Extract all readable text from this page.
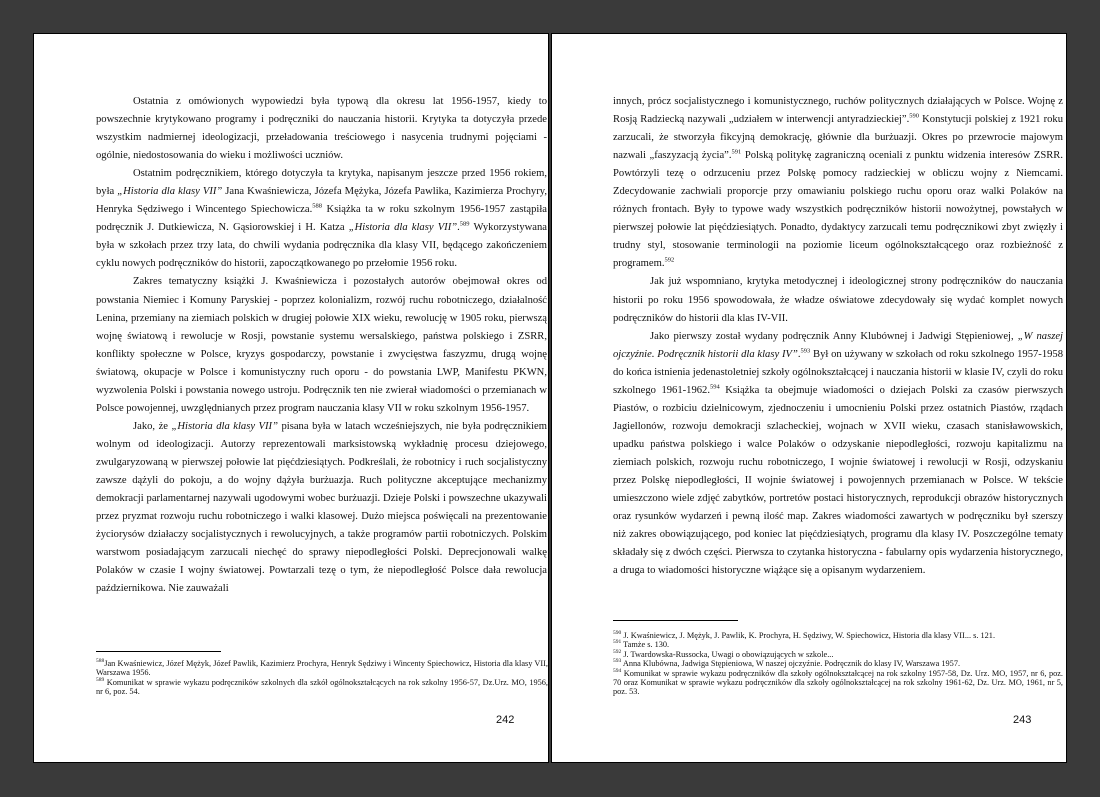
Ostatnia z omówionych wypowiedzi była typową dla okresu lat 1956-1957, kiedy to powszechnie krytykowano programy i podręczniki do nauczania historii. Krytyka ta dotyczyła przede wszystkim nadmiernej ideologizacji, przeładowania treściowego i nasycenia trudnymi pojęciami - ogólnie, niedostosowania do wieku i możliwości uczniów.

Ostatnim podręcznikiem, którego dotyczyła ta krytyka, napisanym jeszcze przed 1956 rokiem, była „Historia dla klasy VII” Jana Kwaśniewicza, Józefa Mężyka, Józefa Pawlika, Kazimierza Prochyry, Henryka Sędziwego i Wincentego Spiechowicza.$^{588}$ Książka ta w roku szkolnym 1956-1957 zastąpiła podręcznik J. Dutkiewicza, N. Gąsiorowskiej i H. Katza „Historia dla klasy VII”.$^{589}$ Wykorzystywana była w szkołach przez trzy lata, do chwili wydania podręcznika dla klasy VII, będącego zakończeniem cyklu nowych podręczników do historii, zapoczątkowanego po przełomie 1956 roku.

Zakres tematyczny książki J. Kwaśniewicza i pozostałych autorów obejmował okres od powstania Niemiec i Komuny Paryskiej - poprzez kolonializm, rozwój ruchu robotniczego, działalność Lenina, przemiany na ziemiach polskich w drugiej połowie XIX wieku, rewolucję w 1905 roku, pierwszą wojnę światową i rewolucje w Rosji, powstanie systemu wersalskiego, państwa polskiego i ZSRR, konflikty społeczne w Polsce, kryzys gospodarczy, powstanie i zwycięstwa faszyzmu, drugą wojnę światową, okupacje w Polsce i komunistyczny ruch oporu - do powstania LWP, Manifestu PKWN, wyzwolenia Polski i powstania nowego ustroju. Podręcznik ten nie zwierał wiadomości o przemianach w Polsce powojennej, uwzględnianych przez program nauczania klasy VII w roku szkolnym 1956-1957.

Jako, że „Historia dla klasy VII” pisana była w latach wcześniejszych, nie była podręcznikiem wolnym od ideologizacji. Autorzy reprezentowali marksistowską wykładnię procesu dziejowego, zwulgaryzowaną w pierwszej połowie lat pięćdziesiątych. Podkreślali, że robotnicy i ruch socjalistyczny zawsze dążyli do pokoju, a do wojny dążyła burżuazja. Ruch polityczne akceptujące mechanizmy demokracji parlamentarnej nazywali ugodowymi wobec burżuazji. Dzieje Polski i powszechne ukazywali przez pryzmat rozwoju ruchu robotniczego i walki klasowej. Dużo miejsca poświęcali na prezentowanie życiorysów działaczy socjalistycznych i rewolucyjnych, a także programów partii robotniczych. Polskim warstwom posiadającym zarzucali niechęć do sprawy niepodległości Polski. Deprecjonowali walkę Polaków w czasie I wojny światowej. Powtarzali tezę o tym, że niepodległość Polsce dała rewolucja październikowa. Nie zauważali

$^{588}$Jan Kwaśniewicz, Józef Mężyk, Józef Pawlik, Kazimierz Prochyra, Henryk Sędziwy i Wincenty Spiechowicz, Historia dla klasy VII, Warszawa 1956.
$^{589}$ Komunikat w sprawie wykazu podręczników szkolnych dla szkół ogólnokształcących na rok szkolny 1956-57, Dz.Urz. MO, 1956, nr 6, poz. 54.
242

innych, prócz socjalistycznego i komunistycznego, ruchów politycznych działających w Polsce. Wojnę z Rosją Radziecką nazywali „udziałem w interwencji antyradzieckiej”.$^{590}$ Konstytucji polskiej z 1921 roku zarzucali, że stworzyła fikcyjną demokrację, głównie dla burżuazji. Okres po przewrocie majowym nazwali „faszyzacją życia”.$^{591}$ Polską politykę zagraniczną oceniali z punktu widzenia interesów ZSRR. Powtórzyli tezę o odrzuceniu przez Polskę pomocy radzieckiej w obliczu wojny z Niemcami. Zdecydowanie zachwiali proporcje przy omawianiu polskiego ruchu oporu oraz walki Polaków na różnych frontach. Były to typowe wady wszystkich podręczników historii nowożytnej, powstałych w pierwszej połowie lat pięćdziesiątych. Ponadto, dydaktycy zarzucali temu podręcznikowi zbyt zwięzły i trudny styl, stosowanie terminologii na poziomie liceum ogólnokształcącego oraz rozbieżność z programem.$^{592}$

Jak już wspomniano, krytyka metodycznej i ideologicznej strony podręczników do nauczania historii po roku 1956 spowodowała, że władze oświatowe zdecydowały się wydać komplet nowych podręczników do historii dla klas IV-VII.

Jako pierwszy został wydany podręcznik Anny Klubównej i Jadwigi Stępieniowej, „W naszej ojczyźnie. Podręcznik historii dla klasy IV”.$^{593}$ Był on używany w szkołach od roku szkolnego 1957-1958 do końca istnienia jedenastoletniej szkoły ogólnokształcącej i nauczania historii w klasie IV, czyli do roku szkolnego 1961-1962.$^{594}$ Książka ta obejmuje wiadomości o dziejach Polski za czasów pierwszych Piastów, o rozbiciu dzielnicowym, zjednoczeniu i umocnieniu Polski przez ostatnich Piastów, rządach Jagiellonów, rozwoju demokracji szlacheckiej, wojnach w XVII wieku, czasach stanisławowskich, upadku państwa polskiego i walce Polaków o odzyskanie niepodległości, rozwoju kapitalizmu na ziemiach polskich, rozwoju ruchu robotniczego, I wojnie światowej i rewolucji w Rosji, odzyskaniu przez Polskę niepodległości, II wojnie światowej i powojennych przemianach w Polsce. W tekście umieszczono wiele zdjęć zabytków, portretów postaci historycznych, reprodukcji obrazów historycznych oraz rysunków wydarzeń i pewną ilość map. Zakres wiadomości zawartych w podręczniku był szerszy niż zakres obowiązującego, pod koniec lat pięćdziesiątych, programu dla klasy IV. Poszczególne tematy składały się z dwóch części. Pierwsza to czytanka historyczna - fabularny opis wydarzenia historycznego, a druga to wiadomości historyczne wiążące się a opisanym wydarzeniem.

$^{590}$ J. Kwaśniewicz, J. Mężyk, J. Pawlik, K. Prochyra, H. Sędziwy, W. Spiechowicz, Historia dla klasy VII... s. 121.
$^{591}$ Tamże s. 130.
$^{592}$ J. Twardowska-Russocka, Uwagi o obowiązujących w szkole...
$^{593}$ Anna Klubówna, Jadwiga Stępieniowa, W naszej ojczyźnie. Podręcznik do klasy IV, Warszawa 1957.
$^{594}$ Komunikat w sprawie wykazu podręczników dla szkoły ogólnokształcącej na rok szkolny 1957-58, Dz. Urz. MO, 1957, nr 6, poz. 70 oraz Komunikat w sprawie wykazu podręczników dla szkoły ogólnokształcącej na rok szkolny 1961-62, Dz. Urz. MO, 1961, nr 5, poz. 53.
243
